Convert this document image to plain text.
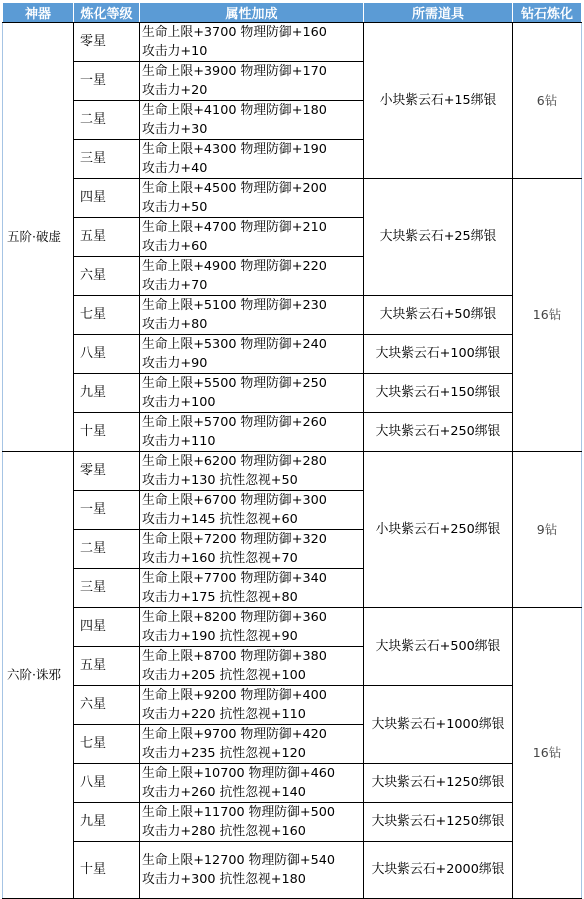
神器	炼化等级	属性加成	所需道具	钻石炼化
五阶·破虚	零星	生命上限+3700 物理防御+160
攻击力+10	小块紫云石+15绑银	6钻
	一星	生命上限+3900 物理防御+170
攻击力+20		

	二星	生命上限+4100 物理防御+180
攻击力+30		

	三星	生命上限+4300 物理防御+190
攻击力+40		

	四星	生命上限+4500 物理防御+200
攻击力+50	大块紫云石+25绑银	16钻
	五星	生命上限+4700 物理防御+210
攻击力+60		

	六星	生命上限+4900 物理防御+220
攻击力+70		

	七星	生命上限+5100 物理防御+230
攻击力+80	大块紫云石+50绑银	
	八星	生命上限+5300 物理防御+240
攻击力+90	大块紫云石+100绑银	
	九星	生命上限+5500 物理防御+250
攻击力+100	大块紫云石+150绑银	
	十星	生命上限+5700 物理防御+260
攻击力+110	大块紫云石+250绑银	
六阶·诛邪	零星	生命上限+6200 物理防御+280
攻击力+130 抗性忽视+50	小块紫云石+250绑银	9钻
	一星	生命上限+6700 物理防御+300
攻击力+145 抗性忽视+60		

	二星	生命上限+7200 物理防御+320
攻击力+160 抗性忽视+70		

	三星	生命上限+7700 物理防御+340
攻击力+175 抗性忽视+80		

	四星	生命上限+8200 物理防御+360
攻击力+190 抗性忽视+90	大块紫云石+500绑银	16钻
	五星	生命上限+8700 物理防御+380
攻击力+205 抗性忽视+100		

	六星	生命上限+9200 物理防御+400
攻击力+220 抗性忽视+110	大块紫云石+1000绑银	
	七星	生命上限+9700 物理防御+420
攻击力+235 抗性忽视+120		

	八星	生命上限+10700 物理防御+460
攻击力+260 抗性忽视+140	大块紫云石+1250绑银	
	九星	生命上限+11700 物理防御+500
攻击力+280 抗性忽视+160	大块紫云石+1250绑银	
	十星	生命上限+12700 物理防御+540
攻击力+300 抗性忽视+180	大块紫云石+2000绑银	
